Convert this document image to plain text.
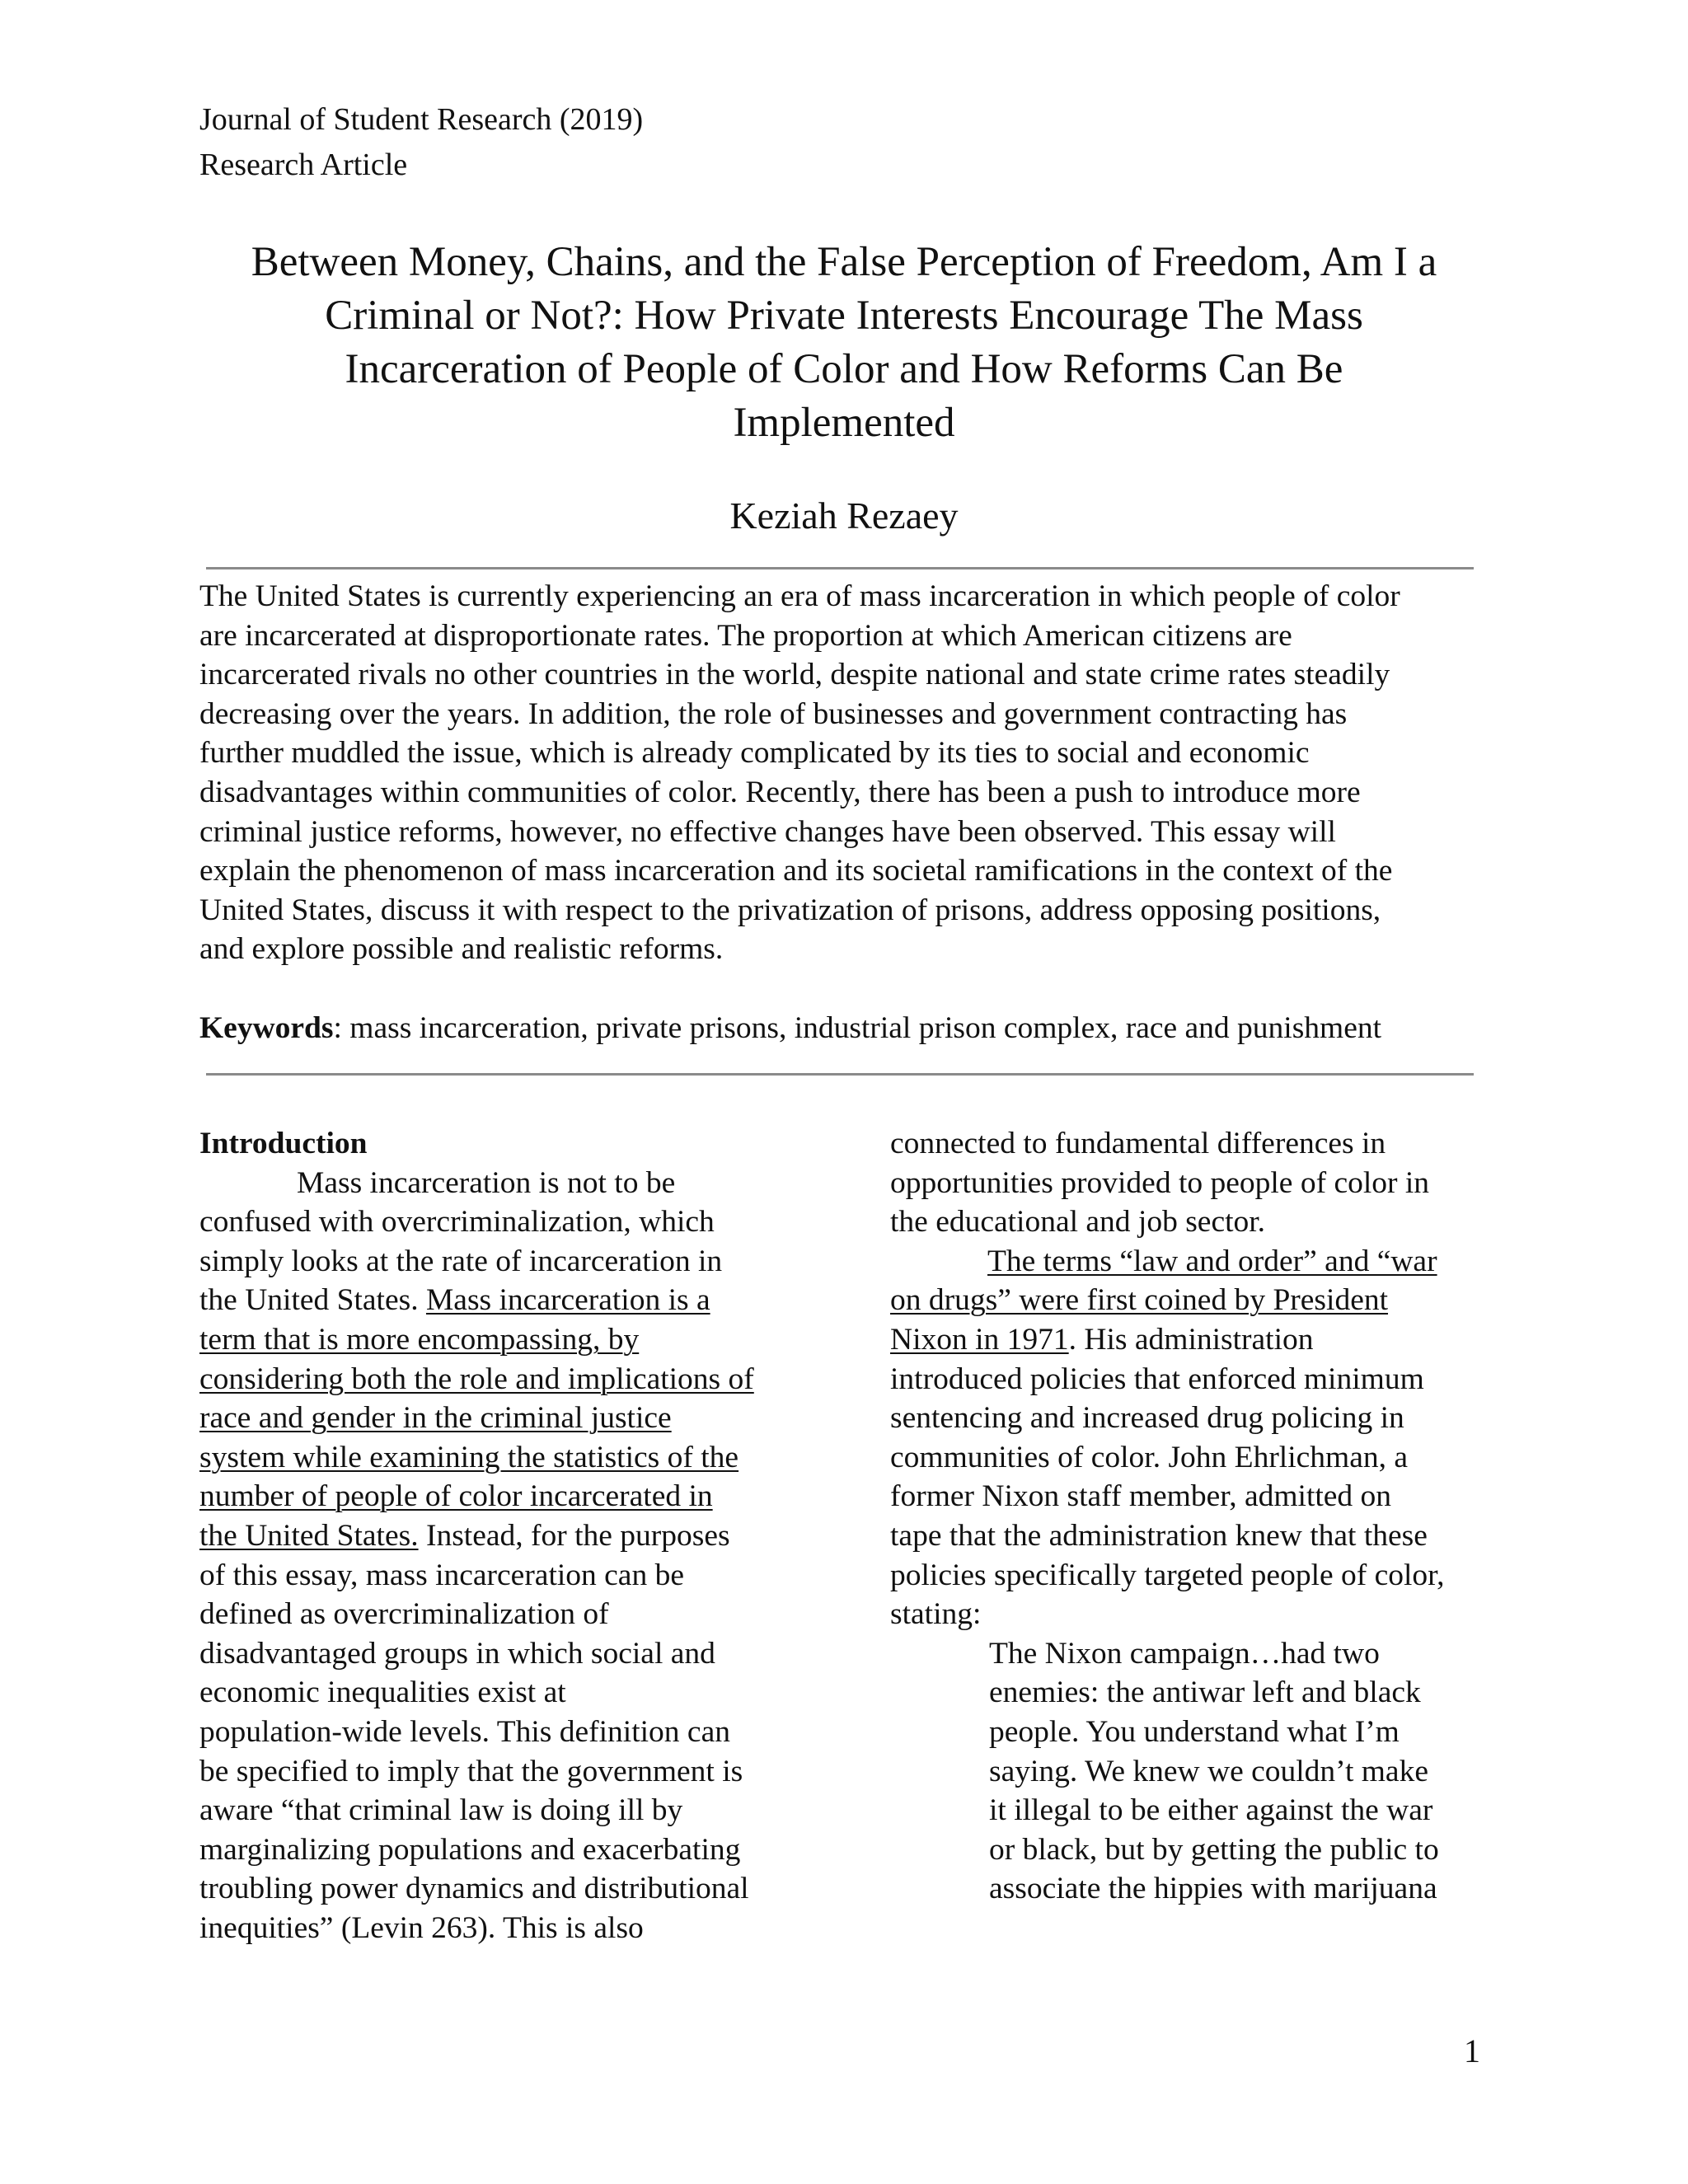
Journal of Student Research (2019)
Research Article
Between Money, Chains, and the False Perception of Freedom, Am I a
Criminal or Not?: How Private Interests Encourage The Mass
Incarceration of People of Color and How Reforms Can Be
Implemented
Keziah Rezaey
The United States is currently experiencing an era of mass incarceration in which people of color
are incarcerated at disproportionate rates. The proportion at which American citizens are
incarcerated rivals no other countries in the world, despite national and state crime rates steadily
decreasing over the years. In addition, the role of businesses and government contracting has
further muddled the issue, which is already complicated by its ties to social and economic
disadvantages within communities of color. Recently, there has been a push to introduce more
criminal justice reforms, however, no effective changes have been observed. This essay will
explain the phenomenon of mass incarceration and its societal ramifications in the context of the
United States, discuss it with respect to the privatization of prisons, address opposing positions,
and explore possible and realistic reforms.
Keywords: mass incarceration, private prisons, industrial prison complex, race and punishment
Introduction
Mass incarceration is not to be
confused with overcriminalization, which
simply looks at the rate of incarceration in
the United States. Mass incarceration is a
term that is more encompassing, by
considering both the role and implications of
race and gender in the criminal justice
system while examining the statistics of the
number of people of color incarcerated in
the United States. Instead, for the purposes
of this essay, mass incarceration can be
defined as overcriminalization of
disadvantaged groups in which social and
economic inequalities exist at
population-wide levels. This definition can
be specified to imply that the government is
aware “that criminal law is doing ill by
marginalizing populations and exacerbating
troubling power dynamics and distributional
inequities” (Levin 263). This is also
connected to fundamental differences in
opportunities provided to people of color in
the educational and job sector.
The terms “law and order” and “war
on drugs” were first coined by President
Nixon in 1971. His administration
introduced policies that enforced minimum
sentencing and increased drug policing in
communities of color. John Ehrlichman, a
former Nixon staff member, admitted on
tape that the administration knew that these
policies specifically targeted people of color,
stating:
The Nixon campaign…had two
enemies: the antiwar left and black
people. You understand what I’m
saying. We knew we couldn’t make
it illegal to be either against the war
or black, but by getting the public to
associate the hippies with marijuana
1
